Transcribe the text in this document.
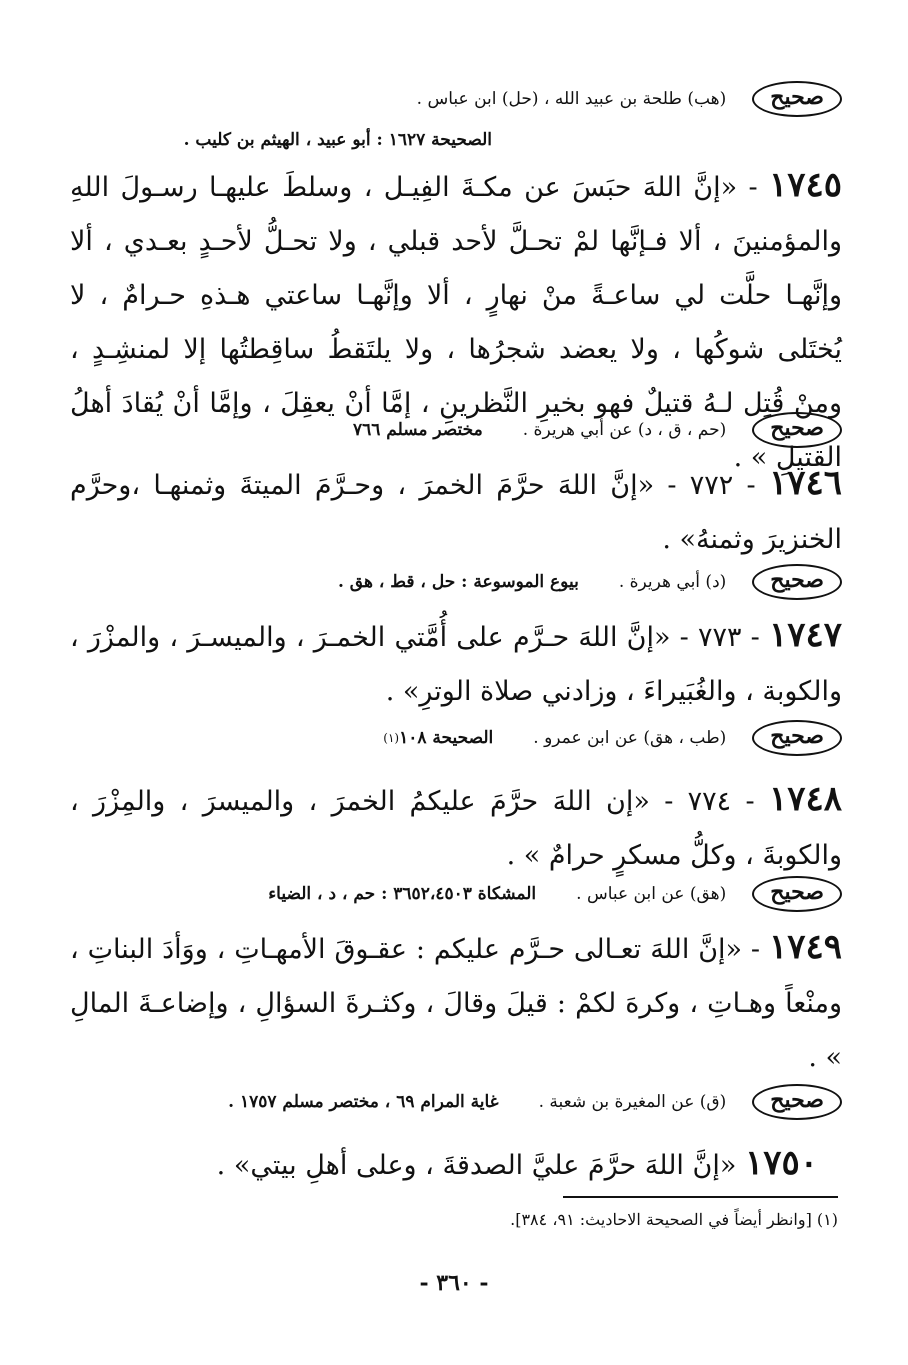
صحيح
(هب) طلحة بن عبيد الله ، (حل) ابن عباس .
الصحيحة ١٦٢٧ : أبو عبيد ، الهيثم بن كليب .
١٧٤٥ - «إنَّ اللهَ حبَسَ عن مكـةَ الفِيـل ، وسلطَ عليهـا رسـولَ اللهِ والمؤمنينَ ، ألا فـإنَّها لمْ تحـلَّ لأحد قبلي ، ولا تحـلُّ لأحـدٍ بعـدي ، ألا وإنَّهـا حلَّت لي ساعـةً منْ نهارٍ ، ألا وإنَّهـا ساعتي هـذهِ حـرامٌ ، لا يُختَلى شوكُها ، ولا يعضد شجرُها ، ولا يلتَقطُ ساقِطتُها إلا لمنشِـدٍ ، ومنْ قُتِل لـهُ قتيلٌ فهو بخيرِ النَّظرينِ ، إمَّا أنْ يعقِلَ ، وإمَّا أنْ يُقادَ أهلُ القتيلِ » .
صحيح
(حم ، ق ، د) عن أبي هريرة .
مختصر مسلم ٧٦٦
١٧٤٦ - ٧٧٢ - «إنَّ اللهَ حرَّمَ الخمرَ ، وحـرَّمَ الميتةَ وثمنهـا ،وحرَّم الخنزيرَ وثمنهُ» .
صحيح
(د) أبي هريرة .
بيوع الموسوعة : حل ، قط ، هق .
١٧٤٧ - ٧٧٣ - «إنَّ اللهَ حـرَّم على أُمَّتي الخمـرَ ، والميسـرَ ، والمزْرَ ، والكوبة ، والغُبَيراءَ ، وزادني صلاة الوترِ» .
صحيح
(طب ، هق) عن ابن عمرو .
الصحيحة ١٠٨
(١)
١٧٤٨ - ٧٧٤ - «إن اللهَ حرَّمَ عليكمُ الخمرَ ، والميسرَ ، والمِزْرَ ، والكوبةَ ، وكلُّ مسكرٍ حرامٌ » .
صحيح
(هق) عن ابن عباس .
المشكاة ٣٦٥٢،٤٥٠٣ : حم ، د ، الضياء
١٧٤٩ - «إنَّ اللهَ تعـالى حـرَّم عليكم : عقـوقَ الأمهـاتِ ، ووَأدَ البناتِ ، ومنْعاً وهـاتِ ، وكرهَ لكمْ : قيلَ وقالَ ، وكثـرةَ السؤالِ ، وإضاعـةَ المالِ » .
صحيح
(ق) عن المغيرة بن شعبة .
غاية المرام ٦٩ ، مختصر مسلم ١٧٥٧ .
١٧٥٠ «إنَّ اللهَ حرَّمَ عليَّ الصدقةَ ، وعلى أهلِ بيتي» .
(١) [وانظر أيضاً في الصحيحة الاحاديث: ٩١، ٣٨٤].
- ٣٦٠ -
